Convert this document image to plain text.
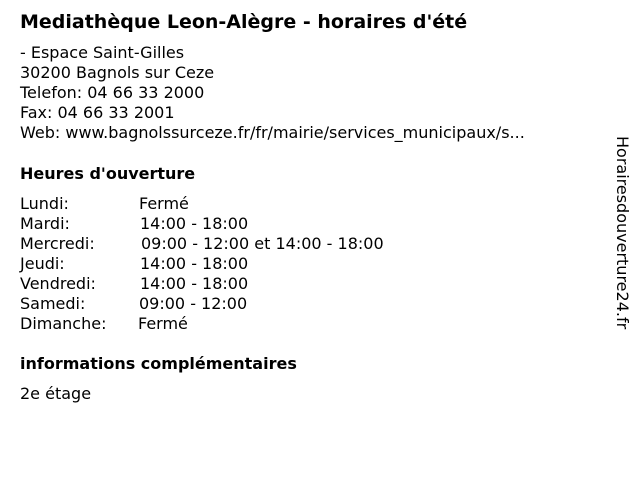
Mediathèque Leon-Alègre - horaires d'été
- Espace Saint-Gilles
30200 Bagnols sur Ceze
Telefon: 04 66 33 2000
Fax: 04 66 33 2001
Web: www.bagnolssurceze.fr/fr/mairie/services_municipaux/s...
Heures d'ouverture
Lundi:	Fermé
Mardi:	14:00 - 18:00
Mercredi:	09:00 - 12:00 et 14:00 - 18:00
Jeudi:	14:00 - 18:00
Vendredi:	14:00 - 18:00
Samedi:	09:00 - 12:00
Dimanche: Fermé
informations complémentaires
2e étage
Horairesdouverture24.fr
